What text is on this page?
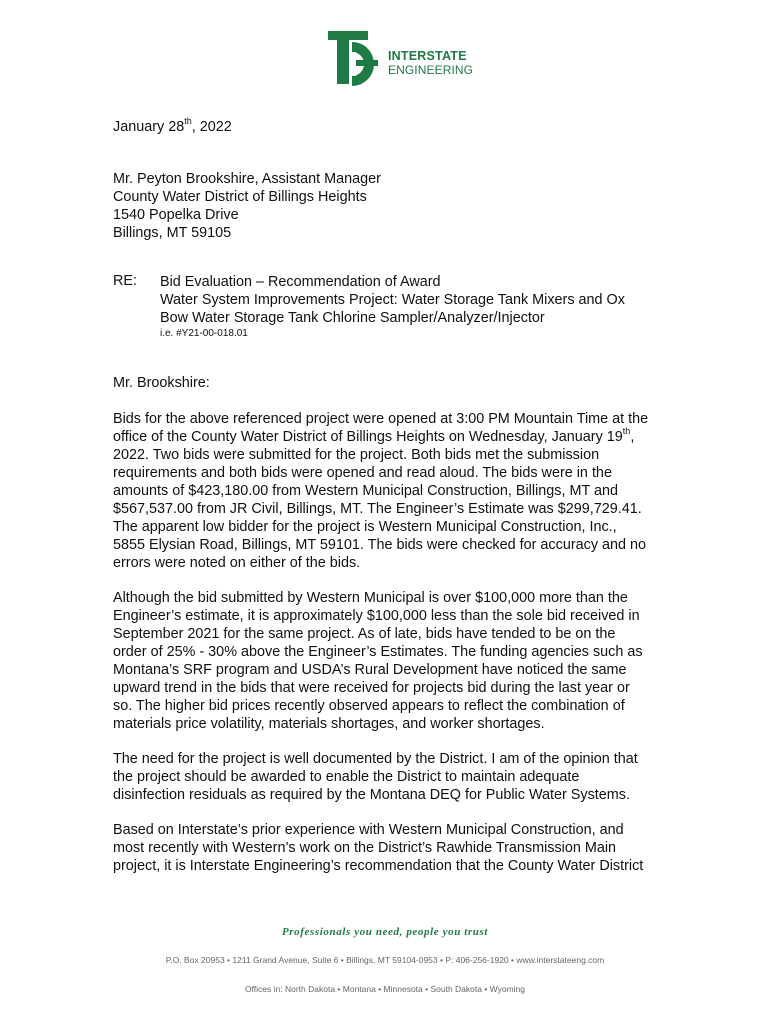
INTERSTATE
ENGINEERING
January 28th, 2022
Mr. Peyton Brookshire, Assistant Manager
County Water District of Billings Heights
1540 Popelka Drive
Billings, MT 59105
RE: Bid Evaluation – Recommendation of Award
Water System Improvements Project: Water Storage Tank Mixers and Ox
Bow Water Storage Tank Chlorine Sampler/Analyzer/Injector
i.e. #Y21-00-018.01
Mr. Brookshire:
Bids for the above referenced project were opened at 3:00 PM Mountain Time at the
office of the County Water District of Billings Heights on Wednesday, January 19th,
2022. Two bids were submitted for the project. Both bids met the submission
requirements and both bids were opened and read aloud. The bids were in the
amounts of $423,180.00 from Western Municipal Construction, Billings, MT and
$567,537.00 from JR Civil, Billings, MT. The Engineer’s Estimate was $299,729.41.
The apparent low bidder for the project is Western Municipal Construction, Inc.,
5855 Elysian Road, Billings, MT 59101. The bids were checked for accuracy and no
errors were noted on either of the bids.
Although the bid submitted by Western Municipal is over $100,000 more than the
Engineer’s estimate, it is approximately $100,000 less than the sole bid received in
September 2021 for the same project. As of late, bids have tended to be on the
order of 25% - 30% above the Engineer’s Estimates. The funding agencies such as
Montana’s SRF program and USDA’s Rural Development have noticed the same
upward trend in the bids that were received for projects bid during the last year or
so. The higher bid prices recently observed appears to reflect the combination of
materials price volatility, materials shortages, and worker shortages.
The need for the project is well documented by the District. I am of the opinion that
the project should be awarded to enable the District to maintain adequate
disinfection residuals as required by the Montana DEQ for Public Water Systems.
Based on Interstate’s prior experience with Western Municipal Construction, and
most recently with Western’s work on the District’s Rawhide Transmission Main
project, it is Interstate Engineering’s recommendation that the County Water District
Professionals you need, people you trust
P.O. Box 20953 • 1211 Grand Avenue, Suite 6 • Billings, MT 59104-0953 • P: 406-256-1920 • www.interstateeng.com
Offices in: North Dakota • Montana • Minnesota • South Dakota • Wyoming
